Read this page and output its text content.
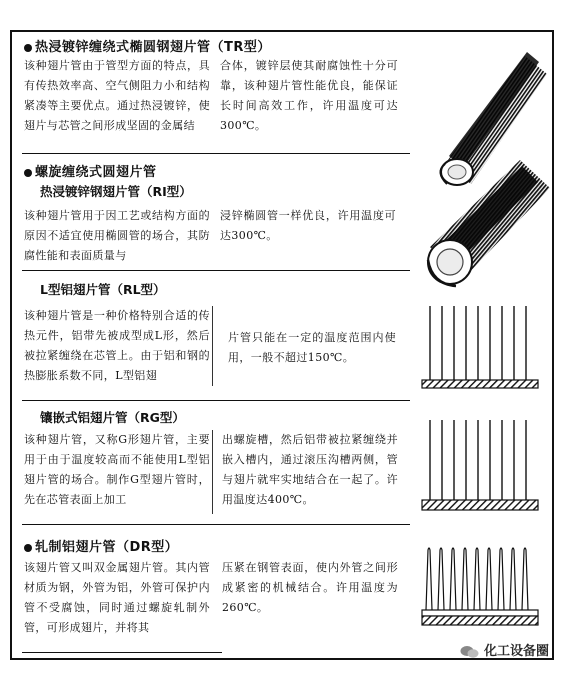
热浸镀锌缠绕式椭圆钢翅片管（TR型）
该种翅片管由于管型方面的特点，具有传热效率高、空气侧阻力小和结构紧凑等主要优点。通过热浸镀锌，使翅片与芯管之间形成坚固的金属结
合体，镀锌层使其耐腐蚀性十分可靠，该种翅片管性能优良，能保证长时间高效工作，许用温度可达300℃。
螺旋缠绕式圆翅片管
热浸镀锌钢翅片管（RI型）
该种翅片管用于因工艺或结构方面的原因不适宜使用椭圆管的场合，其防腐性能和表面质量与
浸锌椭圆管一样优良，许用温度可达300℃。
L型铝翅片管（RL型）
该种翅片管是一种价格特别合适的传热元件，铝带先被成型成L形，然后被拉紧缠绕在芯管上。由于铝和钢的热膨胀系数不同，L型铝翅
片管只能在一定的温度范围内使用，一般不超过150℃。
镶嵌式铝翅片管（RG型）
该种翅片管，又称G形翅片管，主要用于由于温度较高而不能使用L型铝翅片管的场合。制作G型翅片管时，先在芯管表面上加工
出螺旋槽，然后铝带被拉紧缠绕并嵌入槽内，通过滚压沟槽两侧，管与翅片就牢实地结合在一起了。许用温度达400℃。
轧制铝翅片管（DR型）
该翅片管又叫双金属翅片管。其内管材质为钢，外管为铝，外管可保护内管不受腐蚀，同时通过螺旋轧制外管，可形成翅片，并将其
压紧在钢管表面，使内外管之间形成紧密的机械结合。许用温度为260℃。
化工设备圈
